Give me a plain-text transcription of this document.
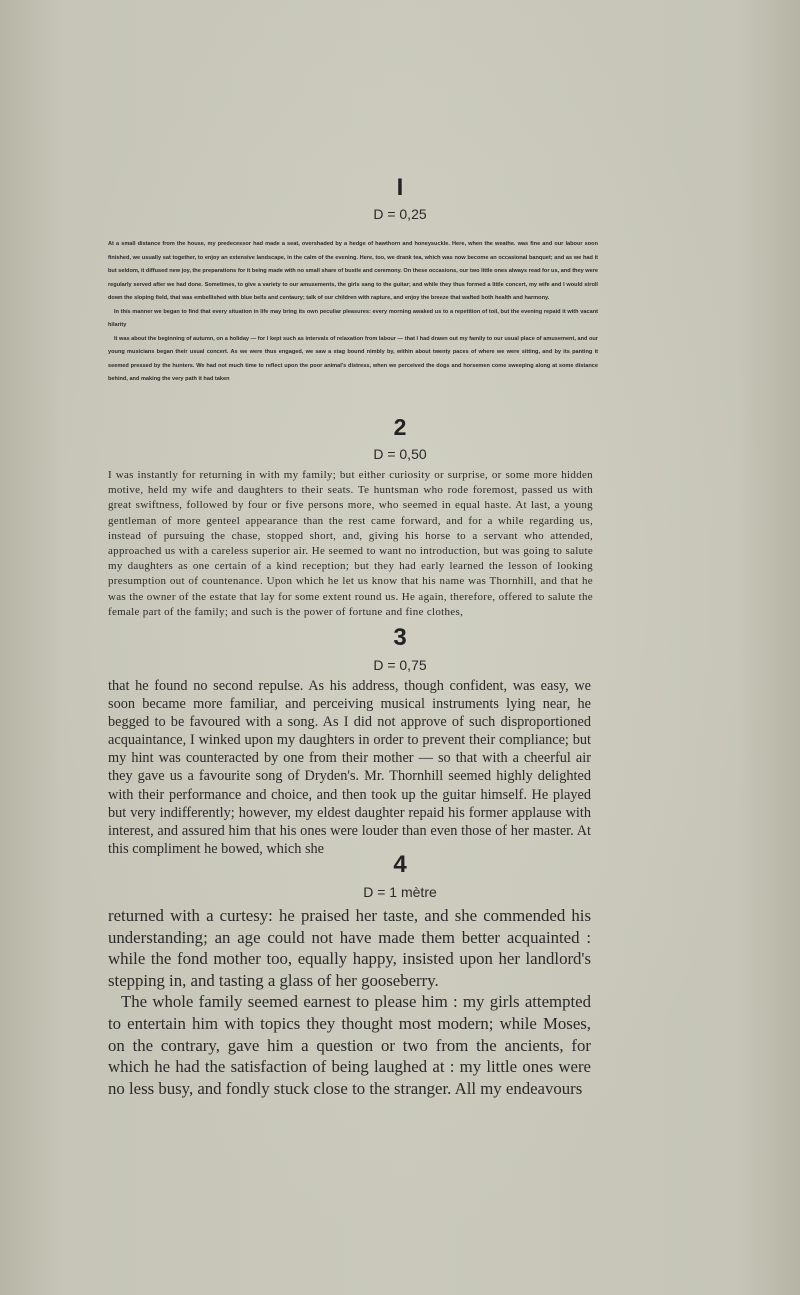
I
D = 0,25

At a small distance from the house, my predecessor had made a seat, overshaded by a hedge of hawthorn and honeysuckle. Here, when the weathe. was fine and our labour soon finished, we usually sat together, to enjoy an extensive landscape, in the calm of the evening. Here, too, we drank tea, which was now become an occasional banquet; and as we had it but seldom, it diffused new joy, the preparations for it being made with no small share of bustle and ceremony. On these occasions, our two little ones always read for us, and they were regularly served after we had done. Sometimes, to give a variety to our amusements, the girls sang to the guitar; and while they thus formed a little concert, my wife and I would stroll down the sloping field, that was embellished with blue bells and centaury; talk of our children with rapture, and enjoy the breeze that wafted both health and harmony.

In this manner we began to find that every situation in life may bring its own peculiar pleasures: every morning awaked us to a repetition of toil, but the evening repaid it with vacant hilarity

It was about the beginning of autumn, on a holiday — for I kept such as intervals of relaxation from labour — that I had drawn out my family to our usual place of amusement, and our young musicians began their usual concert. As we were thus engaged, we saw a stag bound nimbly by, within about twenty paces of where we were sitting, and by its panting it seemed pressed by the hunters. We had not much time to reflect upon the poor animal's distress, when we perceived the dogs and horsemen come sweeping along at some distance behind, and making the very path it had taken

2
D = 0,50

I was instantly for returning in with my family; but either curiosity or surprise, or some more hidden motive, held my wife and daughters to their seats. Te huntsman who rode foremost, passed us with great swiftness, followed by four or five persons more, who seemed in equal haste. At last, a young gentleman of more genteel appearance than the rest came forward, and for a while regarding us, instead of pursuing the chase, stopped short, and, giving his horse to a servant who attended, approached us with a careless superior air. He seemed to want no introduction, but was going to salute my daughters as one certain of a kind reception; but they had early learned the lesson of looking presumption out of countenance. Upon which he let us know that his name was Thornhill, and that he was the owner of the estate that lay for some extent round us. He again, therefore, offered to salute the female part of the family; and such is the power of fortune and fine clothes,

3
D = 0,75

that he found no second repulse. As his address, though confident, was easy, we soon became more familiar, and perceiving musical instruments lying near, he begged to be favoured with a song. As I did not approve of such disproportioned acquaintance, I winked upon my daughters in order to prevent their compliance; but my hint was counteracted by one from their mother — so that with a cheerful air they gave us a favourite song of Dryden's. Mr. Thornhill seemed highly delighted with their performance and choice, and then took up the guitar himself. He played but very indifferently; however, my eldest daughter repaid his former applause with interest, and assured him that his ones were louder than even those of her master. At this compliment he bowed, which she

4
D = 1 mètre

returned with a curtesy: he praised her taste, and she commended his understanding; an age could not have made them better acquainted : while the fond mother too, equally happy, insisted upon her landlord's stepping in, and tasting a glass of her gooseberry.

The whole family seemed earnest to please him : my girls attempted to entertain him with topics they thought most modern; while Moses, on the contrary, gave him a question or two from the ancients, for which he had the satisfaction of being laughed at : my little ones were no less busy, and fondly stuck close to the stranger. All my endeavours
